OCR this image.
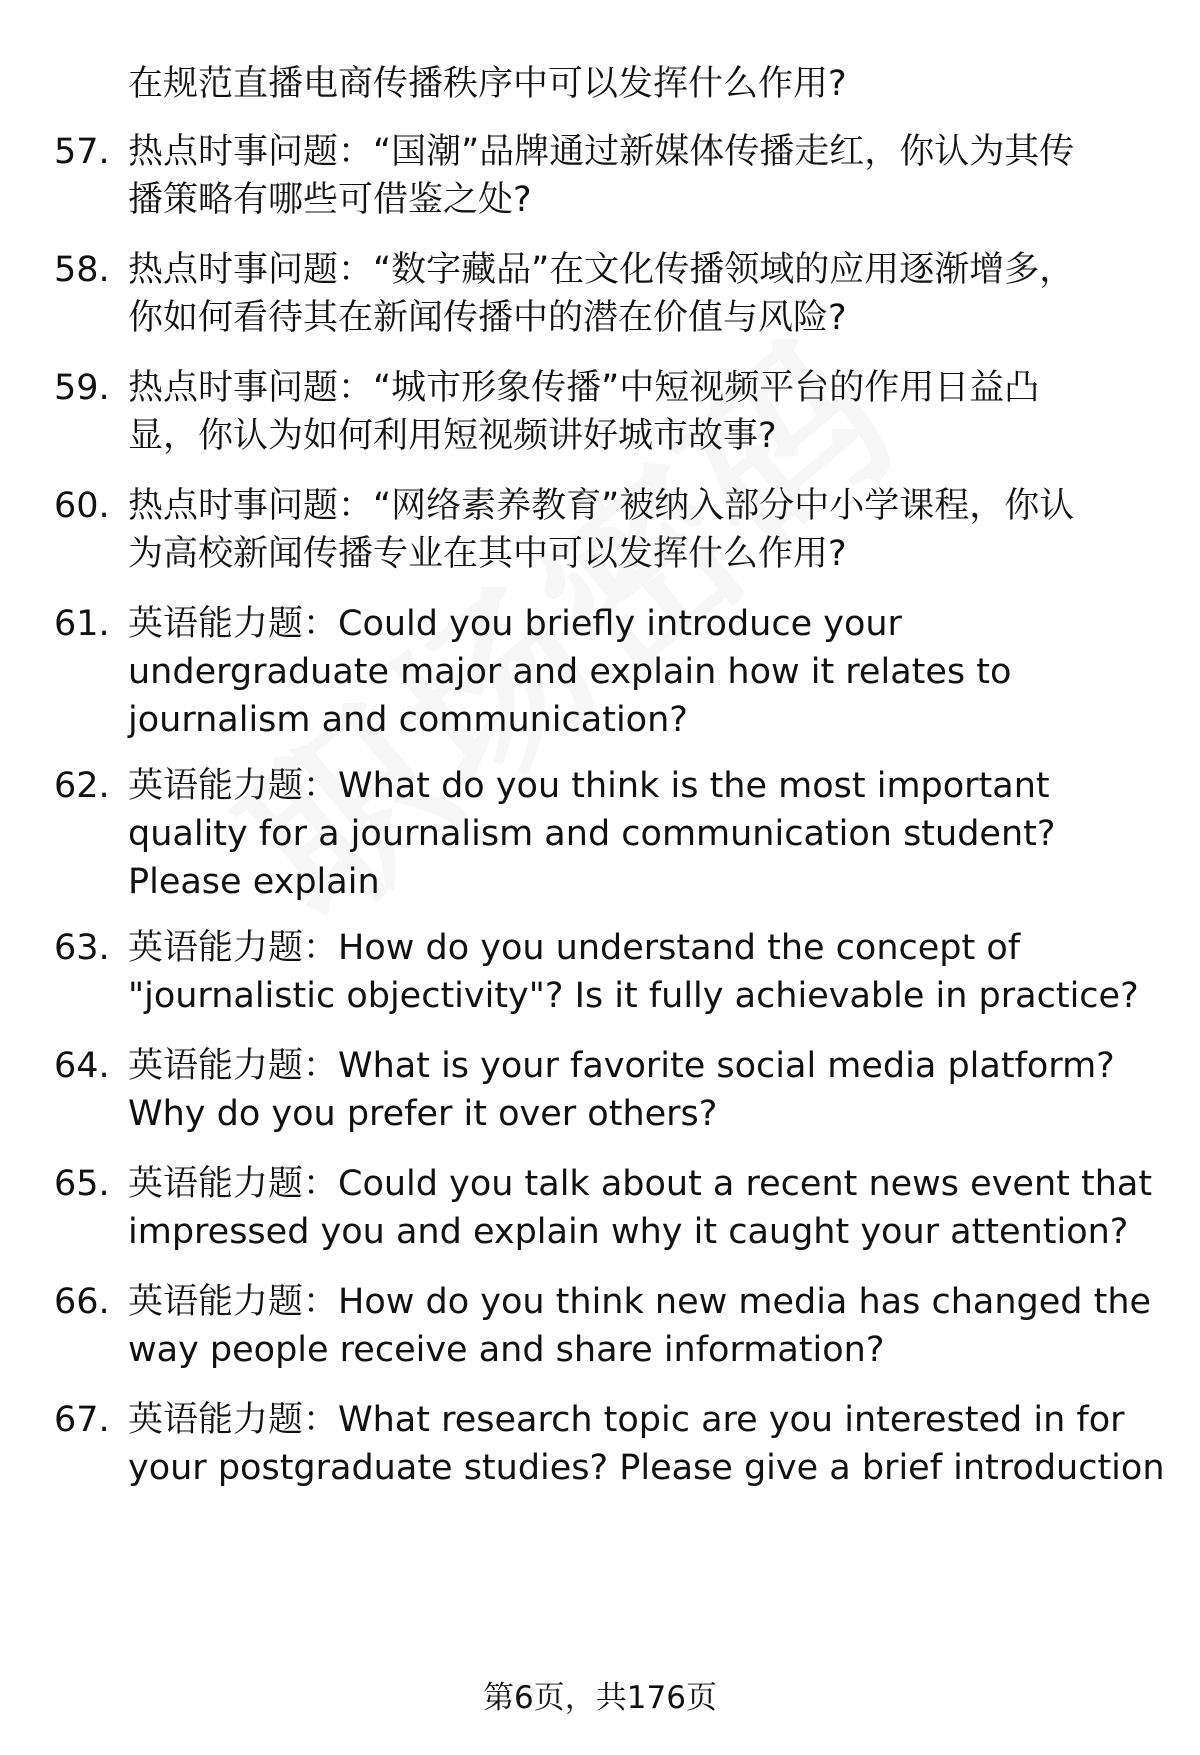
在规范直播电商传播秩序中可以发挥什么作用?
57. 热点时事问题：“国潮”品牌通过新媒体传播走红，你认为其传
播策略有哪些可借鉴之处?
58. 热点时事问题：“数字藏品”在文化传播领域的应用逐渐增多，
你如何看待其在新闻传播中的潜在价值与风险?
59. 热点时事问题：“城市形象传播”中短视频平台的作用日益凸
显，你认为如何利用短视频讲好城市故事?
60. 热点时事问题：“网络素养教育”被纳入部分中小学课程，你认
为高校新闻传播专业在其中可以发挥什么作用?
61. 英语能力题：Could you briefly introduce your
undergraduate major and explain how it relates to
journalism and communication?
62. 英语能力题：What do you think is the most important
quality for a journalism and communication student?
Please explain
63. 英语能力题：How do you understand the concept of
"journalistic objectivity"? Is it fully achievable in practice?
64. 英语能力题：What is your favorite social media platform?
Why do you prefer it over others?
65. 英语能力题：Could you talk about a recent news event that
impressed you and explain why it caught your attention?
66. 英语能力题：How do you think new media has changed the
way people receive and share information?
67. 英语能力题：What research topic are you interested in for
your postgraduate studies? Please give a brief introduction
第6页，共176页
